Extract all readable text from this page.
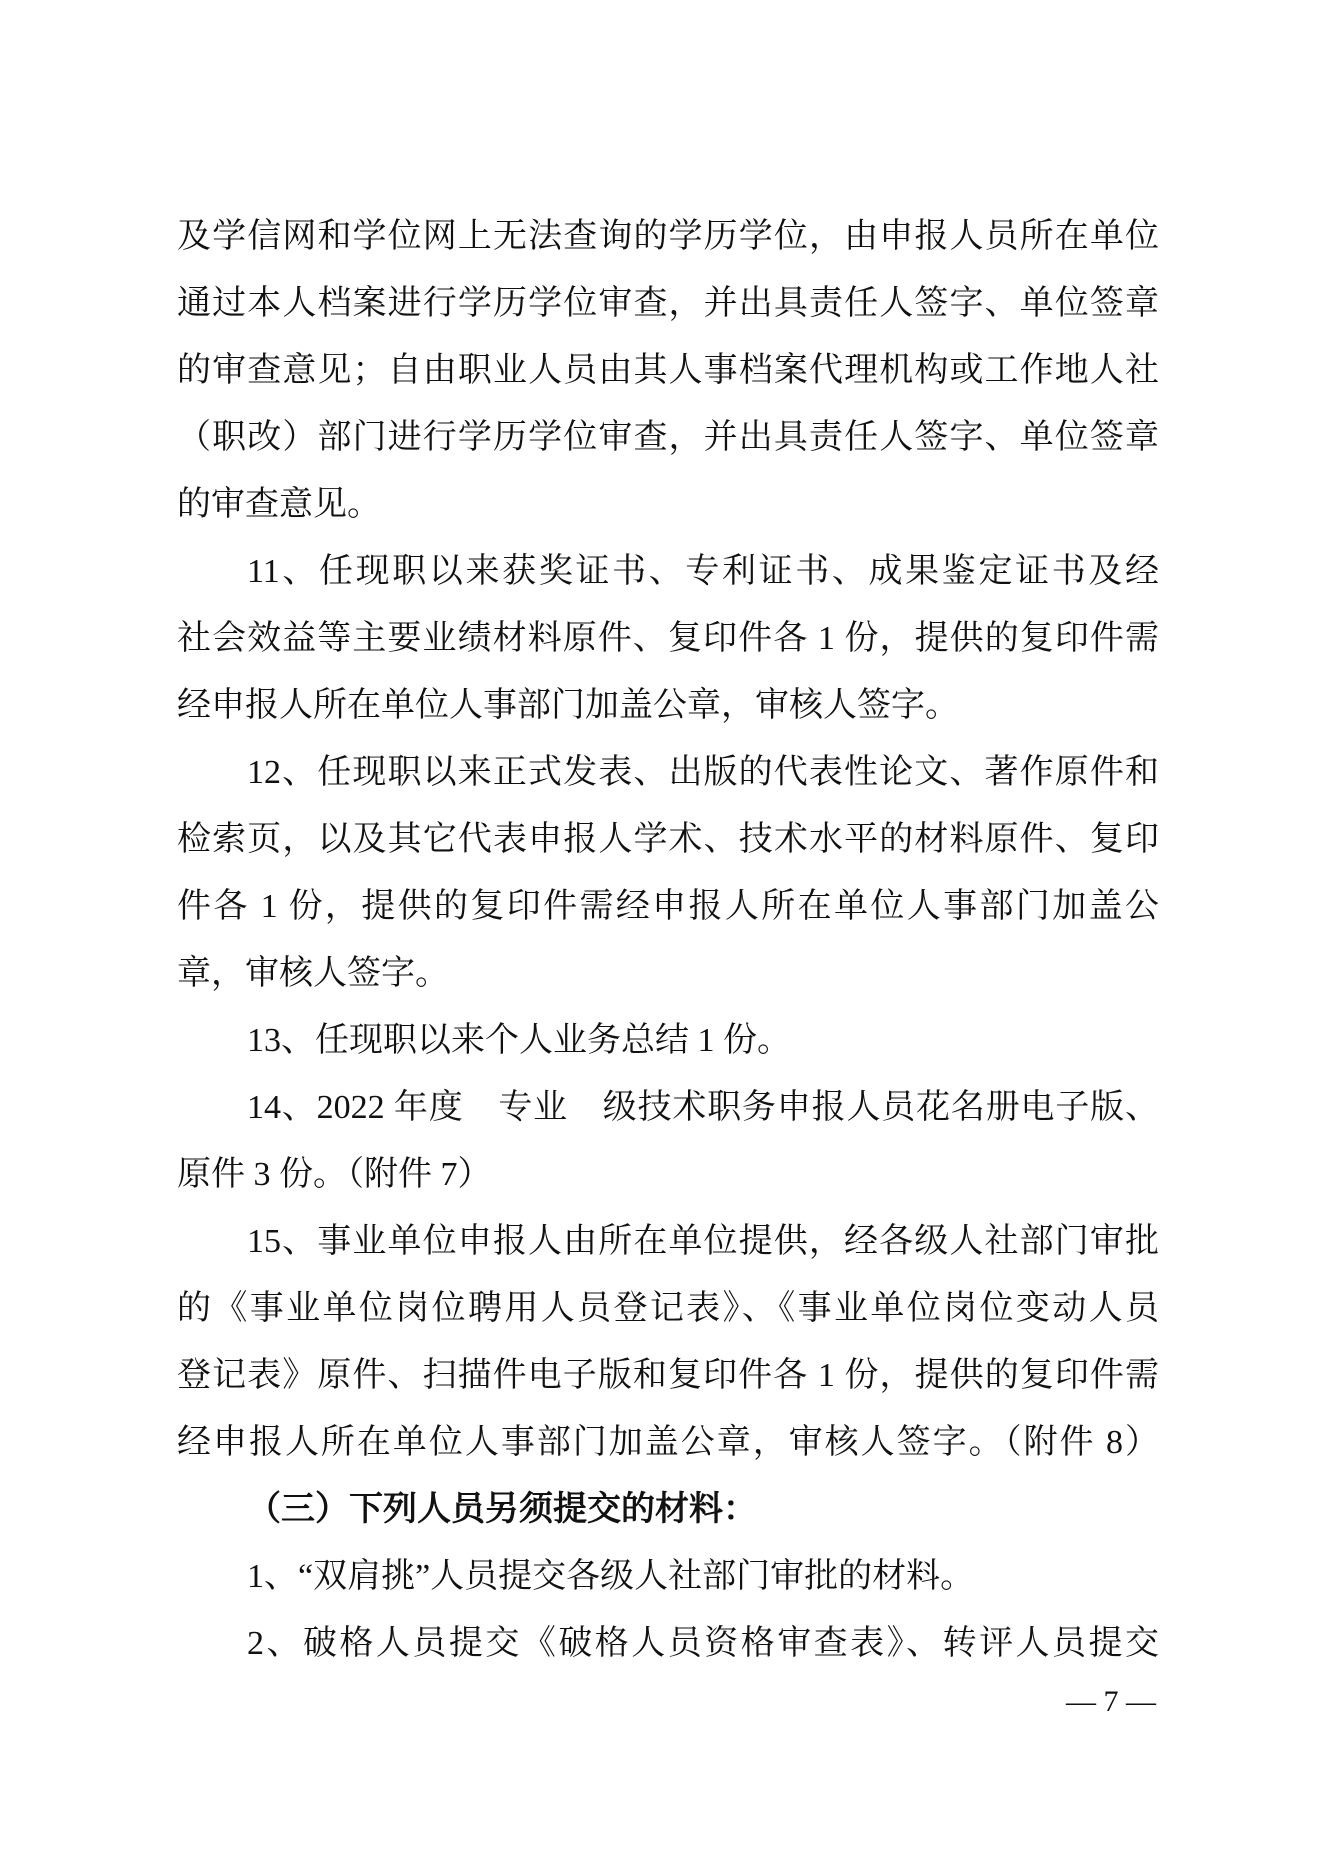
及学信网和学位网上无法查询的学历学位，由申报人员所在单位
通过本人档案进行学历学位审查，并出具责任人签字、单位签章
的审查意见；自由职业人员由其人事档案代理机构或工作地人社
（职改）部门进行学历学位审查，并出具责任人签字、单位签章
的审查意见。
11、任现职以来获奖证书、专利证书、成果鉴定证书及经
社会效益等主要业绩材料原件、复印件各 1 份，提供的复印件需
经申报人所在单位人事部门加盖公章，审核人签字。
12、任现职以来正式发表、出版的代表性论文、著作原件和
检索页，以及其它代表申报人学术、技术水平的材料原件、复印
件各 1 份，提供的复印件需经申报人所在单位人事部门加盖公
章，审核人签字。
13、任现职以来个人业务总结 1 份。
14、2022 年度　专业　级技术职务申报人员花名册电子版、
原件 3 份。（附件 7）
15、事业单位申报人由所在单位提供，经各级人社部门审批
的《事业单位岗位聘用人员登记表》、《事业单位岗位变动人员
登记表》原件、扫描件电子版和复印件各 1 份，提供的复印件需
经申报人所在单位人事部门加盖公章，审核人签字。（附件 8）
（三）下列人员另须提交的材料：
1、“双肩挑”人员提交各级人社部门审批的材料。
2、破格人员提交《破格人员资格审查表》、转评人员提交
— 7 —
